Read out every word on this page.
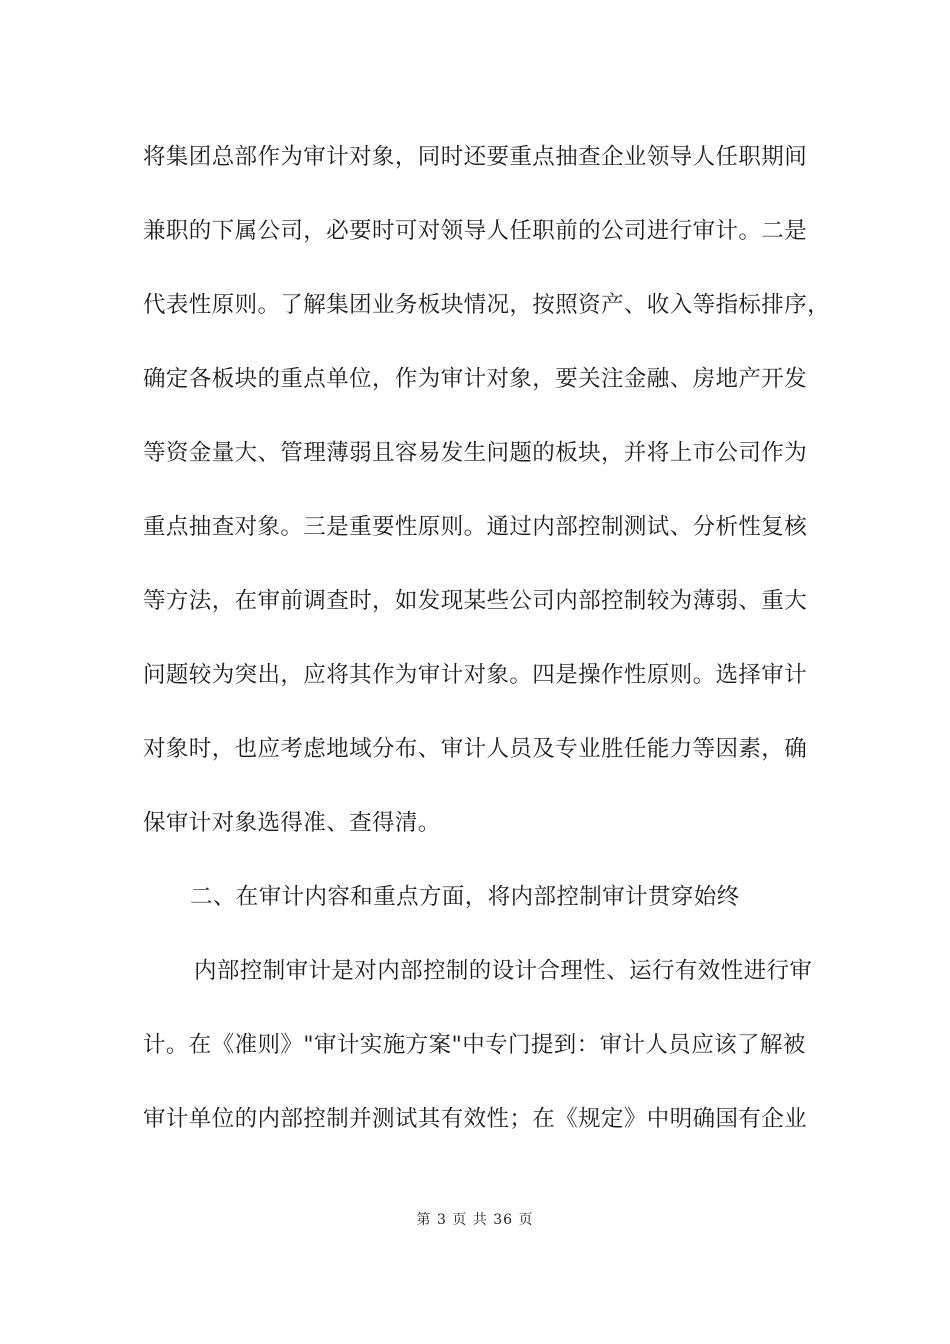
将集团总部作为审计对象，同时还要重点抽查企业领导人任职期间
兼职的下属公司，必要时可对领导人任职前的公司进行审计。二是
代表性原则。了解集团业务板块情况，按照资产、收入等指标排序，
确定各板块的重点单位，作为审计对象，要关注金融、房地产开发
等资金量大、管理薄弱且容易发生问题的板块，并将上市公司作为
重点抽查对象。三是重要性原则。通过内部控制测试、分析性复核
等方法，在审前调查时，如发现某些公司内部控制较为薄弱、重大
问题较为突出，应将其作为审计对象。四是操作性原则。选择审计
对象时，也应考虑地域分布、审计人员及专业胜任能力等因素，确
保审计对象选得准、查得清。
二、在审计内容和重点方面，将内部控制审计贯穿始终
内部控制审计是对内部控制的设计合理性、运行有效性进行审
计。在《准则》"审计实施方案"中专门提到：审计人员应该了解被
审计单位的内部控制并测试其有效性；在《规定》中明确国有企业
第 3 页 共 36 页
